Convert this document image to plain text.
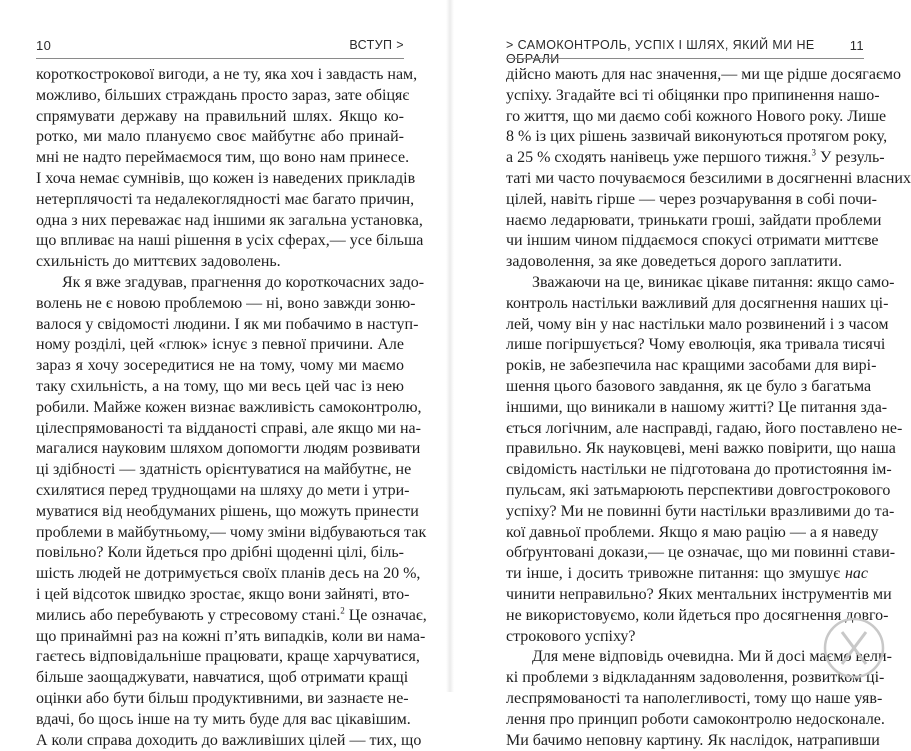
10	ВСТУП >
короткострокової вигоди, а не ту, яка хоч і завдасть нам,
можливо, більших страждань просто зараз, затe обіцяє
спрямувати державу на правильний шлях. Якщо ко-
ротко, ми мало плануємо своє майбутнє або принай-
мні не надто переймаємося тим, що воно нам принесе.
І хоча немає сумнівів, що кожен із наведених прикладів
нетерплячості та недалекоглядності має багато причин,
одна з них переважає над іншими як загальна установка,
що впливає на наші рішення в усіх сферах,— усе більша
схильність до миттєвих задоволень.
Як я вже згадував, прагнення до короткочасних задо-
волень не є новою проблемою — ні, воно завжди зоню-
валося у свідомості людини. І як ми побачимо в наступ-
ному розділі, цей «глюк» існує з певної причини. Але
зараз я хочу зосередитися не на тому, чому ми маємо
таку схильність, а на тому, що ми весь цей час із нею
робили. Майже кожен визнає важливість самоконтролю,
цілеспрямованості та відданості справі, але якщо ми на-
магалися науковим шляхом допомогти людям розвивати
ці здібності — здатність орієнтуватися на майбутнє, не
схилятися перед труднощами на шляху до мети і утри-
муватися від необдуманих рішень, що можуть принести
проблеми в майбутньому,— чому зміни відбуваються так
повільно? Коли йдеться про дрібні щоденні цілі, біль-
шість людей не дотримується своїх планів десь на 20 %,
і цей відсоток швидко зростає, якщо вони зайняті, вто-
мились або перебувають у стресовому стані.$^2$ Це означає,
що принаймні раз на кожні п’ять випадків, коли ви нама-
гаєтесь відповідальніше працювати, краще харчуватися,
більше заощаджувати, навчатися, щоб отримати кращі
оцінки або бути більш продуктивними, ви зазнаєте не-
вдачі, бо щось інше на ту мить буде для вас цікавішим.
А коли справа доходить до важливіших цілей — тих, що
> САМОКОНТРОЛЬ, УСПІХ І ШЛЯХ, ЯКИЙ МИ НЕ ОБРАЛИ
11
дійсно мають для нас значення,— ми ще рідше досягаємо
успіху. Згадайте всі ті обіцянки про припинення нашо-
го життя, що ми даємо собі кожного Нового року. Лише
8 % із цих рішень зазвичай виконуються протягом року,
а 25 % сходять нанівець уже першого тижня.$^3$ У резуль-
таті ми часто почуваємося безсилими в досягненні власних
цілей, навіть гірше — через розчарування в собі почи-
наємо ледарювати, тринькати гроші, зайдати проблеми
чи іншим чином піддаємося спокусі отримати миттєве
задоволення, за яке доведеться дорого заплатити.
Зважаючи на це, виникає цікаве питання: якщо само-
контроль настільки важливий для досягнення наших ці-
лей, чому він у нас настільки мало розвинений і з часом
лише погіршується? Чому еволюція, яка тривала тисячі
років, не забезпечила нас кращими засобами для вирі-
шення цього базового завдання, як це було з багатьма
іншими, що виникали в нашому житті? Це питання зда-
ється логічним, але насправді, гадаю, його поставлено не-
правильно. Як науковцеві, мені важко повірити, що наша
свідомість настільки не підготована до протистояння ім-
пульсам, які затьмарюють перспективи довгострокового
успіху? Ми не повинні бути настільки вразливими до та-
кої давньої проблеми. Якщо я маю рацію — а я наведу
обґрунтовані докази,— це означає, що ми повинні стави-
ти інше, і досить тривожне питання: що змушує нас
чинити неправильно? Яких ментальних інструментів ми
не використовуємо, коли йдеться про досягнення довго-
строкового успіху?
Для мене відповідь очевидна. Ми й досі маємо вели-
кі проблеми з відкладанням задоволення, розвитком ці-
леспрямованості та наполегливості, тому що наше уяв-
лення про принцип роботи самоконтролю недосконале.
Ми бачимо неповну картину. Як наслідок, натрапивши
